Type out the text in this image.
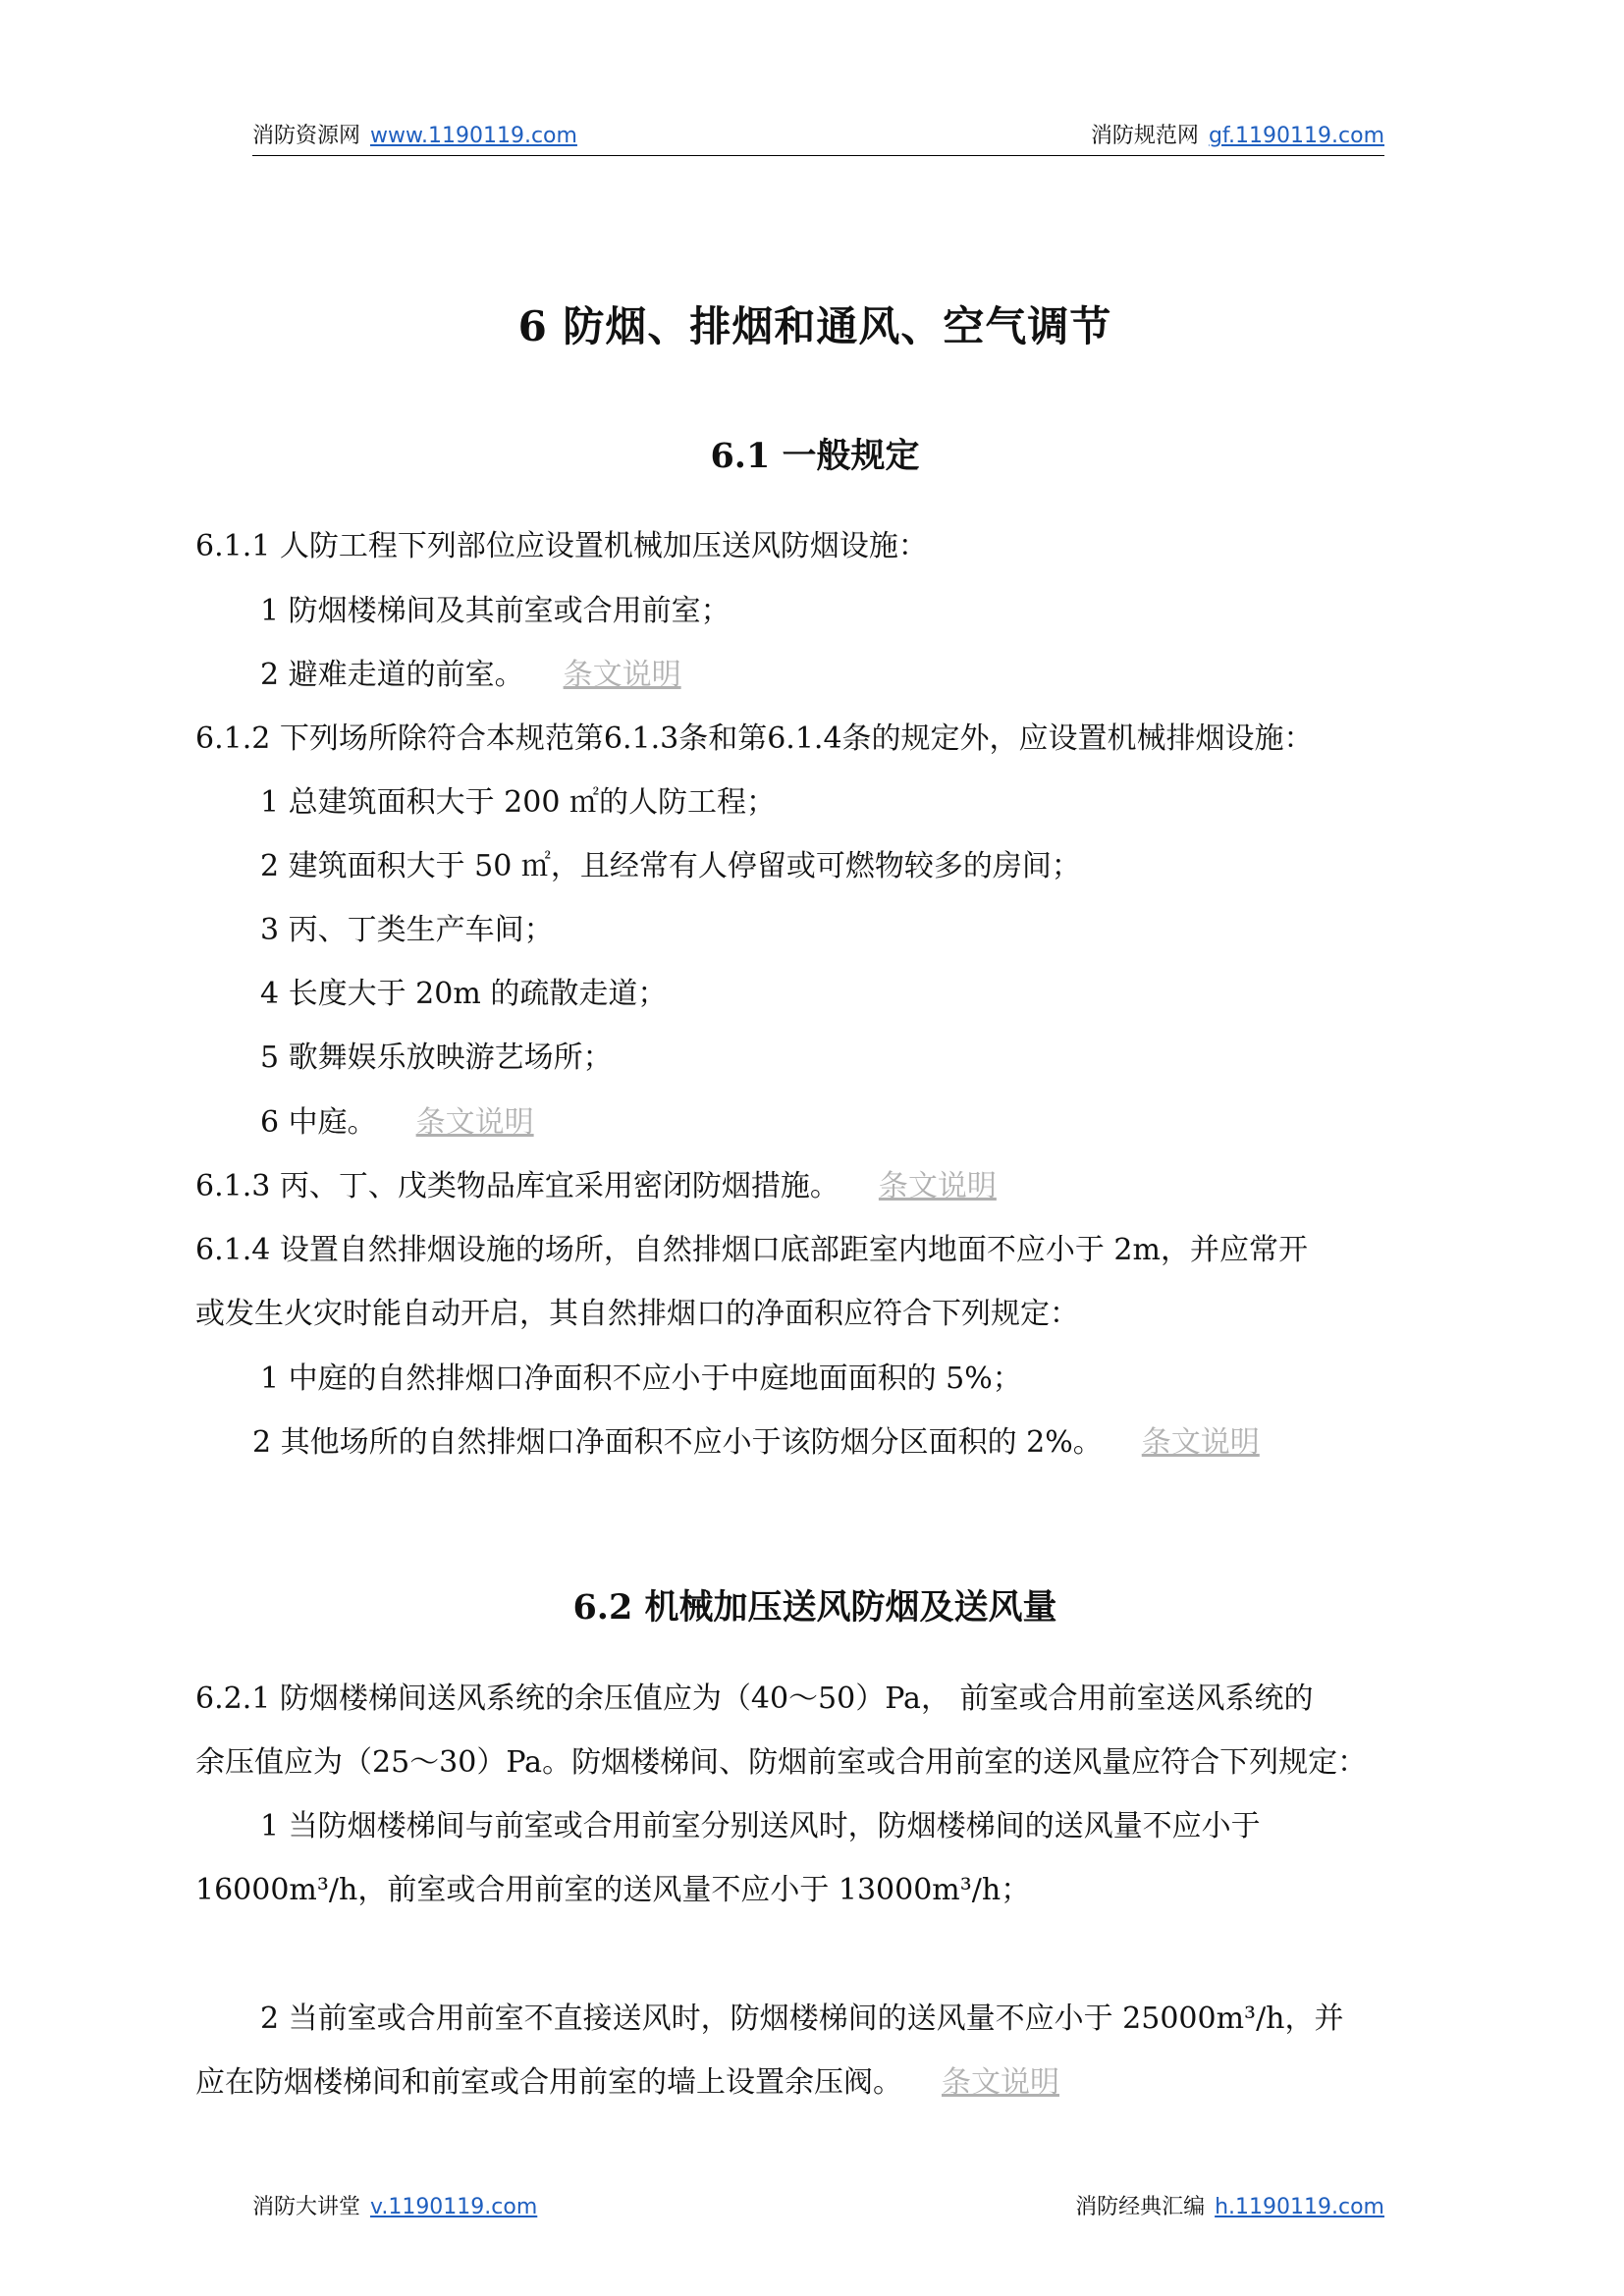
消防资源网 www.1190119.com	消防规范网 gf.1190119.com
6 防烟、排烟和通风、空气调节
6.1 一般规定
6.1.1 人防工程下列部位应设置机械加压送风防烟设施：
1 防烟楼梯间及其前室或合用前室；
2 避难走道的前室。 条文说明
6.1.2 下列场所除符合本规范第6.1.3条和第6.1.4条的规定外，应设置机械排烟设施：
1 总建筑面积大于 200 ㎡的人防工程；
2 建筑面积大于 50 ㎡，且经常有人停留或可燃物较多的房间；
3 丙、丁类生产车间；
4 长度大于 20m 的疏散走道；
5 歌舞娱乐放映游艺场所；
6 中庭。 条文说明
6.1.3 丙、丁、戊类物品库宜采用密闭防烟措施。 条文说明
6.1.4 设置自然排烟设施的场所，自然排烟口底部距室内地面不应小于 2m，并应常开
或发生火灾时能自动开启，其自然排烟口的净面积应符合下列规定：
1 中庭的自然排烟口净面积不应小于中庭地面面积的 5%；
2 其他场所的自然排烟口净面积不应小于该防烟分区面积的 2%。 条文说明
6.2 机械加压送风防烟及送风量
6.2.1 防烟楼梯间送风系统的余压值应为（40～50）Pa， 前室或合用前室送风系统的
余压值应为（25～30）Pa。防烟楼梯间、防烟前室或合用前室的送风量应符合下列规定：
1 当防烟楼梯间与前室或合用前室分别送风时，防烟楼梯间的送风量不应小于
16000m³/h，前室或合用前室的送风量不应小于 13000m³/h；
2 当前室或合用前室不直接送风时，防烟楼梯间的送风量不应小于 25000m³/h，并
应在防烟楼梯间和前室或合用前室的墙上设置余压阀。 条文说明
消防大讲堂 v.1190119.com	消防经典汇编 h.1190119.com
